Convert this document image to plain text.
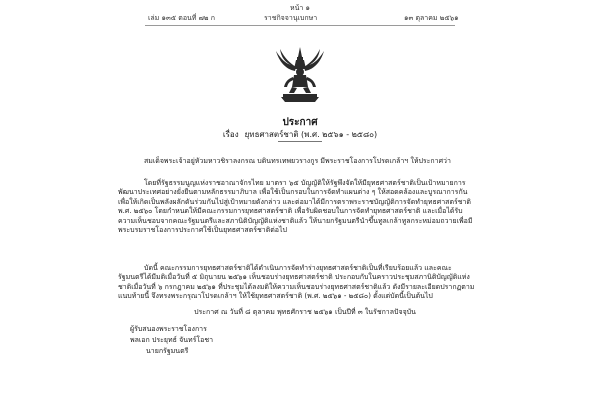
หน้า ๑
เล่ม ๑๓๕ ตอนที่ ๗๒ ก	ราชกิจจานุเบกษา	๑๓ ตุลาคม ๒๕๖๑
ประกาศ
เรื่อง ยุทธศาสตร์ชาติ (พ.ศ. ๒๕๖๑ - ๒๕๘๐)
สมเด็จพระเจ้าอยู่หัวมหาวชิราลงกรณ บดินทรเทพยวรางกูร มีพระราชโองการโปรดเกล้าฯ ให้ประกาศว่า
โดยที่รัฐธรรมนูญแห่งราชอาณาจักรไทย มาตรา ๖๕ บัญญัติให้รัฐพึงจัดให้มียุทธศาสตร์ชาติเป็นเป้าหมายการพัฒนาประเทศอย่างยั่งยืนตามหลักธรรมาภิบาล เพื่อใช้เป็นกรอบในการจัดทำแผนต่าง ๆ ให้สอดคล้องและบูรณาการกันเพื่อให้เกิดเป็นพลังผลักดันร่วมกันไปสู่เป้าหมายดังกล่าว และต่อมาได้มีการตราพระราชบัญญัติการจัดทำยุทธศาสตร์ชาติ พ.ศ. ๒๕๖๐ โดยกำหนดให้มีคณะกรรมการยุทธศาสตร์ชาติ เพื่อรับผิดชอบในการจัดทำยุทธศาสตร์ชาติ และเมื่อได้รับความเห็นชอบจากคณะรัฐมนตรีและสภานิติบัญญัติแห่งชาติแล้ว ให้นายกรัฐมนตรีนำขึ้นทูลเกล้าทูลกระหม่อมถวายเพื่อมีพระบรมราชโองการประกาศใช้เป็นยุทธศาสตร์ชาติต่อไป
บัดนี้ คณะกรรมการยุทธศาสตร์ชาติได้ดำเนินการจัดทำร่างยุทธศาสตร์ชาติเป็นที่เรียบร้อยแล้ว และคณะรัฐมนตรีได้มีมติเมื่อวันที่ ๕ มิถุนายน ๒๕๖๑ เห็นชอบร่างยุทธศาสตร์ชาติ ประกอบกับในคราวประชุมสภานิติบัญญัติแห่งชาติเมื่อวันที่ ๖ กรกฎาคม ๒๕๖๑ ที่ประชุมได้ลงมติให้ความเห็นชอบร่างยุทธศาสตร์ชาติแล้ว ดังมีรายละเอียดปรากฏตามแนบท้ายนี้ จึงทรงพระกรุณาโปรดเกล้าฯ ให้ใช้ยุทธศาสตร์ชาติ (พ.ศ. ๒๕๖๑ - ๒๕๘๐) ตั้งแต่บัดนี้เป็นต้นไป
ประกาศ ณ วันที่ ๘ ตุลาคม พุทธศักราช ๒๕๖๑ เป็นปีที่ ๓ ในรัชกาลปัจจุบัน
ผู้รับสนองพระราชโองการ
พลเอก ประยุทธ์ จันทร์โอชา
นายกรัฐมนตรี
